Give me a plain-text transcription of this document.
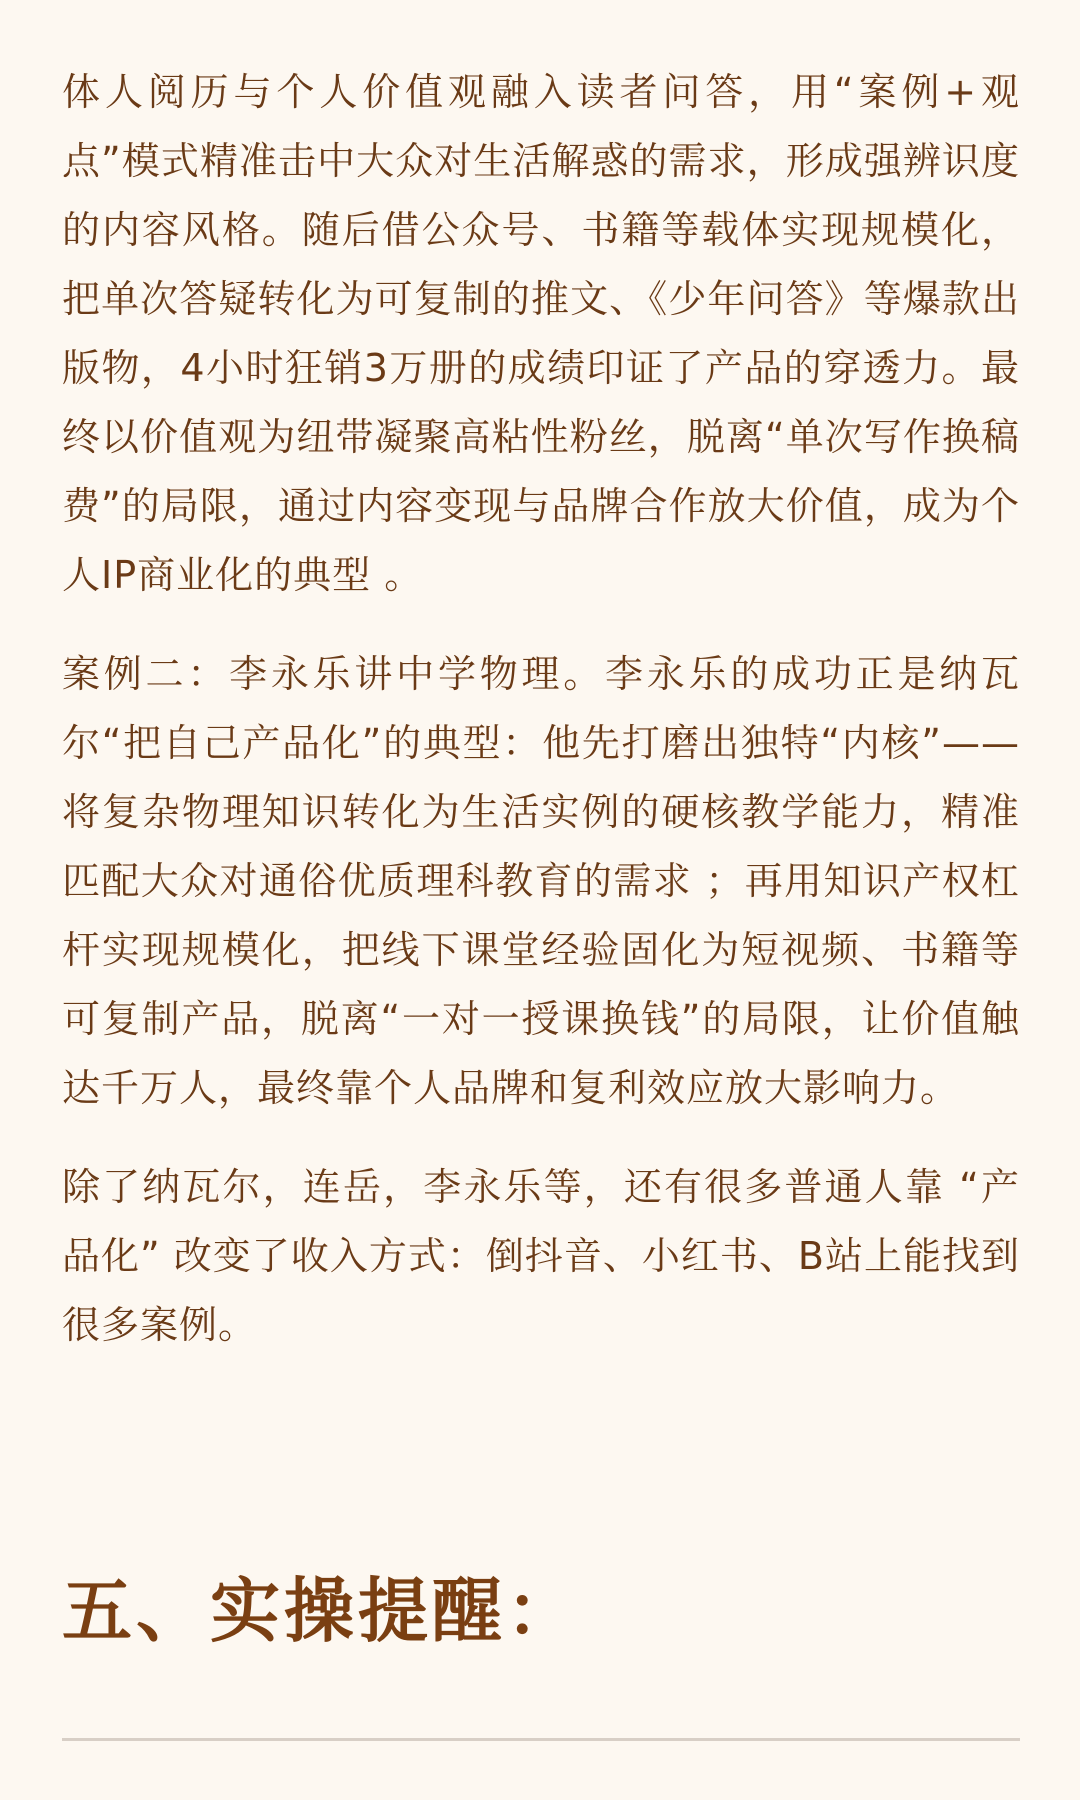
体人阅历与个人价值观融入读者问答，用“案例+观点”模式精准击中大众对生活解惑的需求，形成强辨识度的内容风格。随后借公众号、书籍等载体实现规模化，把单次答疑转化为可复制的推文、《少年问答》等爆款出版物，4小时狂销3万册的成绩印证了产品的穿透力。最终以价值观为纽带凝聚高粘性粉丝，脱离“单次写作换稿费”的局限，通过内容变现与品牌合作放大价值，成为个人IP商业化的典型 。

案例二：李永乐讲中学物理。李永乐的成功正是纳瓦尔“把自己产品化”的典型：他先打磨出独特“内核”——将复杂物理知识转化为生活实例的硬核教学能力，精准匹配大众对通俗优质理科教育的需求 ；再用知识产权杠杆实现规模化，把线下课堂经验固化为短视频、书籍等可复制产品，脱离“一对一授课换钱”的局限，让价值触达千万人，最终靠个人品牌和复利效应放大影响力。

除了纳瓦尔，连岳，李永乐等，还有很多普通人靠 “产品化” 改变了收入方式：倒抖音、小红书、B站上能找到很多案例。

五、实操提醒：
